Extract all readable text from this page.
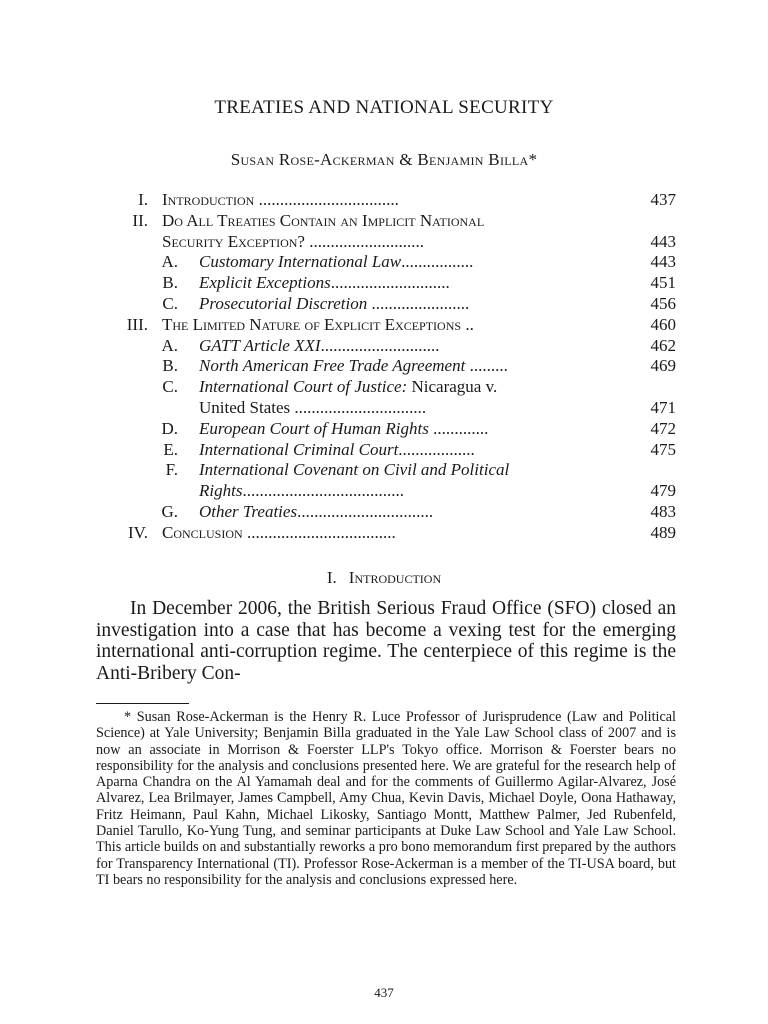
TREATIES AND NATIONAL SECURITY
Susan Rose-Ackerman & Benjamin Billa*
I. Introduction .................................	437
II. Do All Treaties Contain an Implicit National
Security Exception? ...........................	443
A. Customary International Law.................	443
B. Explicit Exceptions............................	451
C. Prosecutorial Discretion .......................	456
III. The Limited Nature of Explicit Exceptions ..	460
A. GATT Article XXI............................	462
B. North American Free Trade Agreement .........	469
C. International Court of Justice: Nicaragua v.
United States ...............................	471
D. European Court of Human Rights .............	472
E. International Criminal Court..................	475
F. International Covenant on Civil and Political
Rights......................................	479
G. Other Treaties................................	483
IV. Conclusion ...................................	489
I. Introduction
In December 2006, the British Serious Fraud Office (SFO) closed an investigation into a case that has become a vexing test for the emerging international anti-corruption regime. The centerpiece of this regime is the Anti-Bribery Con-
* Susan Rose-Ackerman is the Henry R. Luce Professor of Jurisprudence (Law and Political Science) at Yale University; Benjamin Billa graduated in the Yale Law School class of 2007 and is now an associate in Morrison & Foerster LLP's Tokyo office. Morrison & Foerster bears no responsibility for the analysis and conclusions presented here. We are grateful for the research help of Aparna Chandra on the Al Yamamah deal and for the comments of Guillermo Agilar-Alvarez, José Alvarez, Lea Brilmayer, James Campbell, Amy Chua, Kevin Davis, Michael Doyle, Oona Hathaway, Fritz Heimann, Paul Kahn, Michael Likosky, Santiago Montt, Matthew Palmer, Jed Rubenfeld, Daniel Tarullo, Ko-Yung Tung, and seminar participants at Duke Law School and Yale Law School. This article builds on and substantially reworks a pro bono memorandum first prepared by the authors for Transparency International (TI). Professor Rose-Ackerman is a member of the TI-USA board, but TI bears no responsibility for the analysis and conclusions expressed here.
437
